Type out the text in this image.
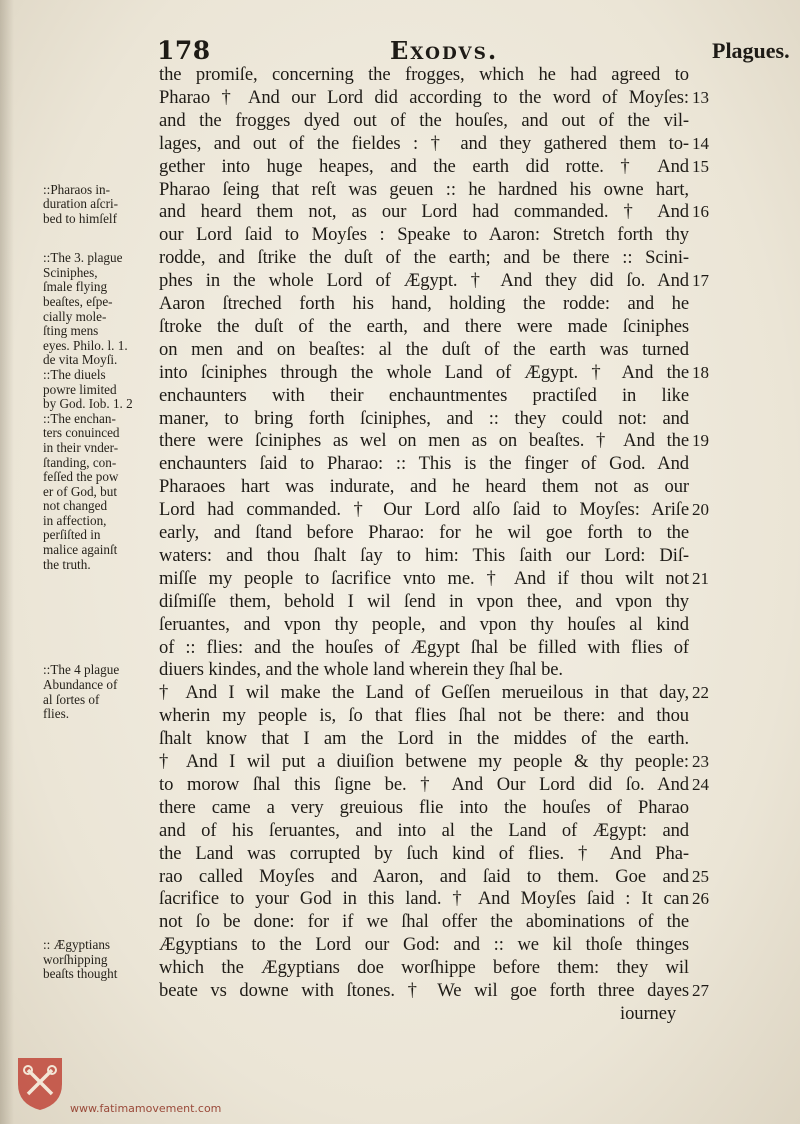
178	Exodvs.	Plagues.
the promiſe, concerning the frogges, which he had agreed to
Pharao † And our Lord did according to the word of Moyſes:
and the frogges dyed out of the houſes, and out of the vil-
lages, and out of the fieldes : † and they gathered them to-
gether into huge heapes, and the earth did rotte. † And
Pharao ſeing that reſt was geuen :: he hardned his owne hart,
and heard them not, as our Lord had commanded. † And
our Lord ſaid to Moyſes : Speake to Aaron: Stretch forth thy
rodde, and ſtrike the duſt of the earth; and be there :: Scini-
phes in the whole Lord of Ægypt. † And they did ſo. And
Aaron ſtreched forth his hand, holding the rodde: and he
ſtroke the duſt of the earth, and there were made ſciniphes
on men and on beaſtes: al the duſt of the earth was turned
into ſciniphes through the whole Land of Ægypt. † And the
enchaunters with their enchauntmentes practiſed in like
maner, to bring forth ſciniphes, and :: they could not: and
there were ſciniphes as wel on men as on beaſtes. † And the
enchaunters ſaid to Pharao: :: This is the finger of God. And
Pharaoes hart was indurate, and he heard them not as our
Lord had commanded. † Our Lord alſo ſaid to Moyſes: Ariſe
early, and ſtand before Pharao: for he wil goe forth to the
waters: and thou ſhalt ſay to him: This ſaith our Lord: Diſ-
miſſe my people to ſacrifice vnto me. † And if thou wilt not
diſmiſſe them, behold I wil ſend in vpon thee, and vpon thy
ſeruantes, and vpon thy people, and vpon thy houſes al kind
of :: flies: and the houſes of Ægypt ſhal be filled with flies of
diuers kindes, and the whole land wherein they ſhal be.
† And I wil make the Land of Geſſen merueilous in that day,
wherin my people is, ſo that flies ſhal not be there: and thou
ſhalt know that I am the Lord in the middes of the earth.
† And I wil put a diuiſion betwene my people & thy people:
to morow ſhal this ſigne be. † And Our Lord did ſo. And
there came a very greuious flie into the houſes of Pharao
and of his ſeruantes, and into al the Land of Ægypt: and
the Land was corrupted by ſuch kind of flies. † And Pha-
rao called Moyſes and Aaron, and ſaid to them. Goe and
ſacrifice to your God in this land. † And Moyſes ſaid : It can
not ſo be done: for if we ſhal offer the abominations of the
Ægyptians to the Lord our God: and :: we kil thoſe thinges
which the Ægyptians doe worſhippe before them: they wil
beate vs downe with ſtones. † We wil goe forth three dayes
iourney
13
14
15
16
17
18
19
20
21
22
23
24
25
26
27
::Pharaos in-
duration aſcri-
bed to himſelf
::The 3. plague
Sciniphes,
ſmale flying
beaſtes, eſpe-
cially mole-
ſting mens
eyes. Philo. l. 1.
de vita Moyſi.
::The diuels
powre limited
by God. Iob. 1. 2
::The enchan-
ters conuinced
in their vnder-
ſtanding, con-
feſſed the pow
er of God, but
not changed
in affection,
perſiſted in
malice againſt
the truth.
::The 4 plague
Abundance of
al ſortes of
flies.
:: Ægyptians
worſhipping
beaſts thought
www.fatimamovement.com
